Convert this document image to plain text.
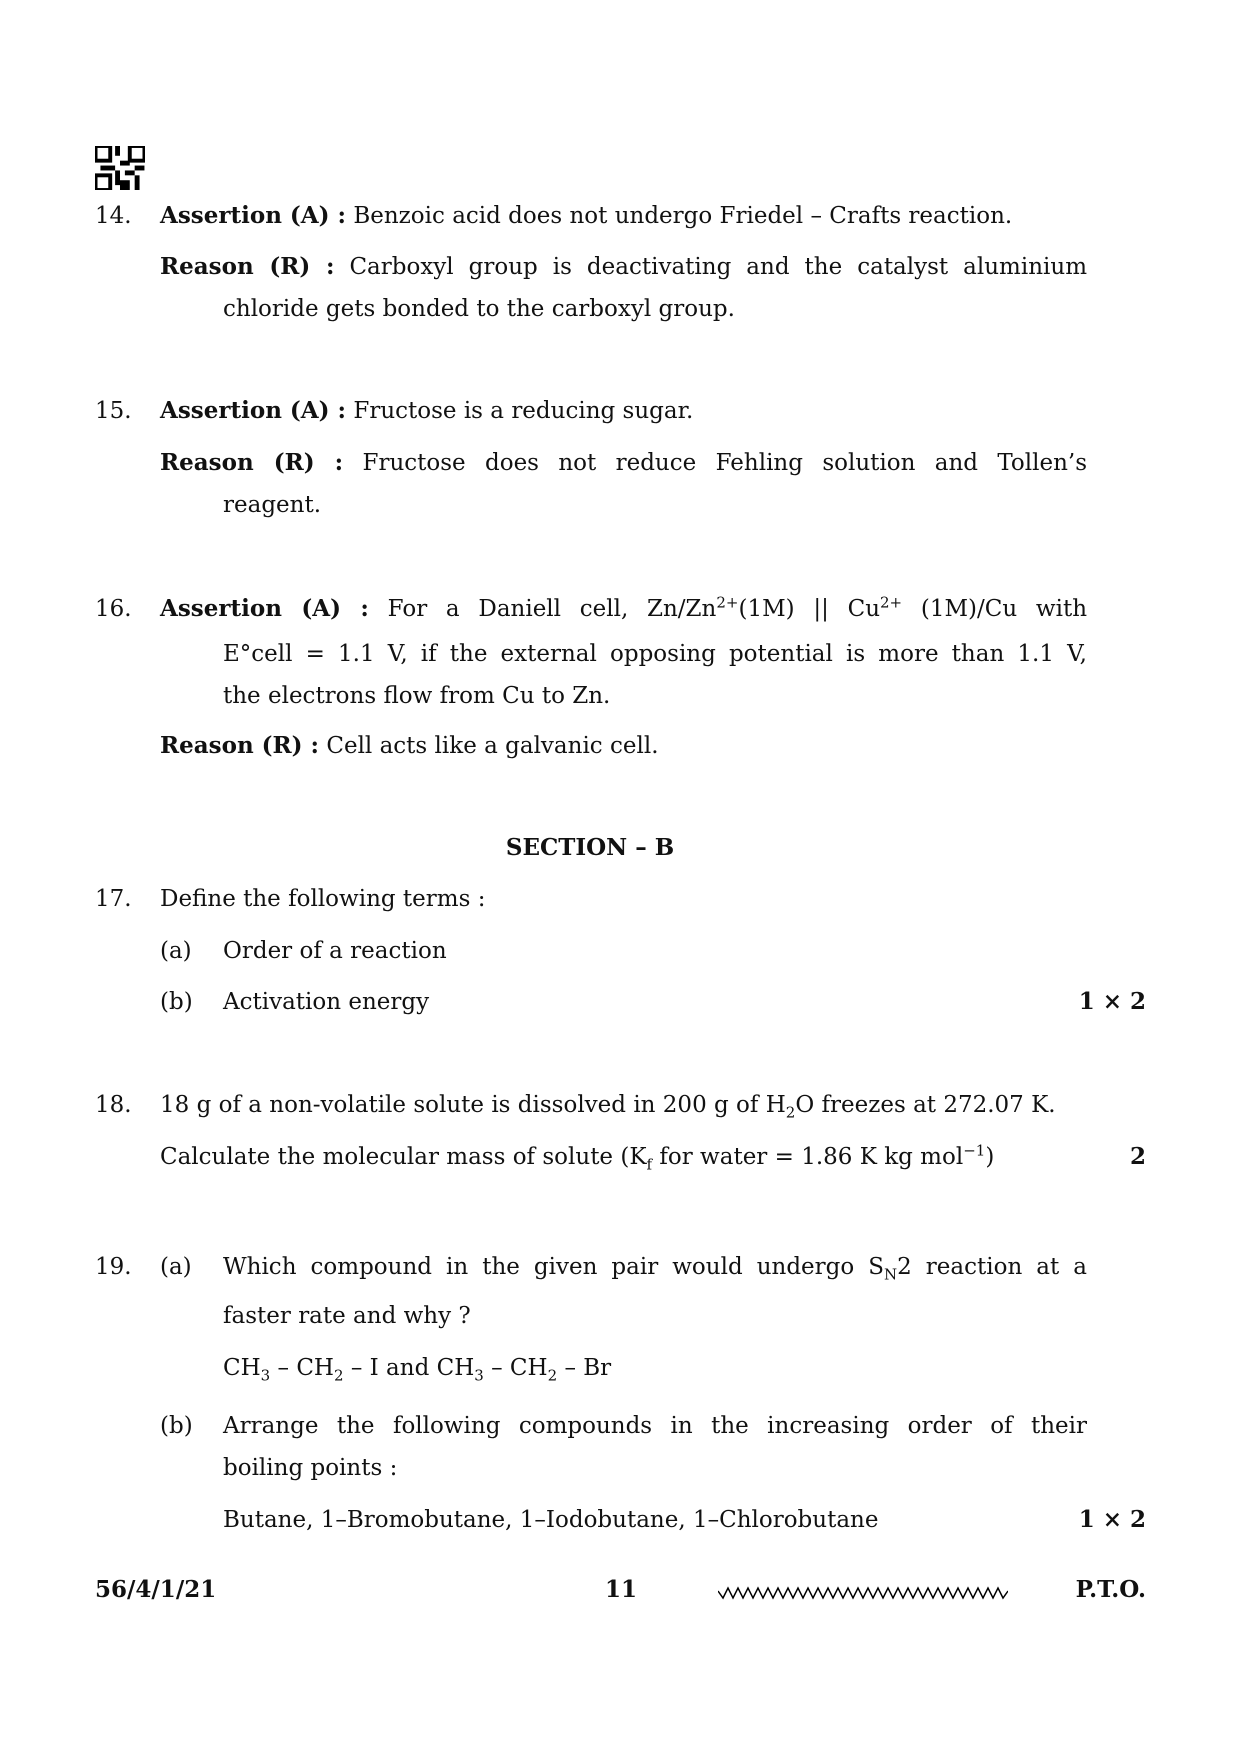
14. Assertion (A) : Benzoic acid does not undergo Friedel – Crafts reaction.
Reason (R) : Carboxyl group is deactivating and the catalyst aluminium
chloride gets bonded to the carboxyl group.
15. Assertion (A) : Fructose is a reducing sugar.
Reason (R) : Fructose does not reduce Fehling solution and Tollen’s
reagent.
16. Assertion (A) : For a Daniell cell, $Zn/Zn^{2+}(1M)$ || $Cu^{2+}$ (1M)/Cu with
E°cell = 1.1 V, if the external opposing potential is more than 1.1 V,
the electrons flow from Cu to Zn.
Reason (R) : Cell acts like a galvanic cell.
SECTION – B
17. Define the following terms :
(a) Order of a reaction
(b) Activation energy	1 × 2
18. 18 g of a non-volatile solute is dissolved in 200 g of $H_2O$ freezes at 272.07 K.
Calculate the molecular mass of solute ($K_f$ for water = 1.86 K kg mol$^{-1}$)	2
19. (a) Which compound in the given pair would undergo $S_N2$ reaction at a
faster rate and why ?
$CH_3 - CH_2$ – I and $CH_3 - CH_2$ – Br
(b) Arrange the following compounds in the increasing order of their
boiling points :
Butane, 1–Bromobutane, 1–Iodobutane, 1–Chlorobutane	1 × 2
56/4/1/21	11	P.T.O.
